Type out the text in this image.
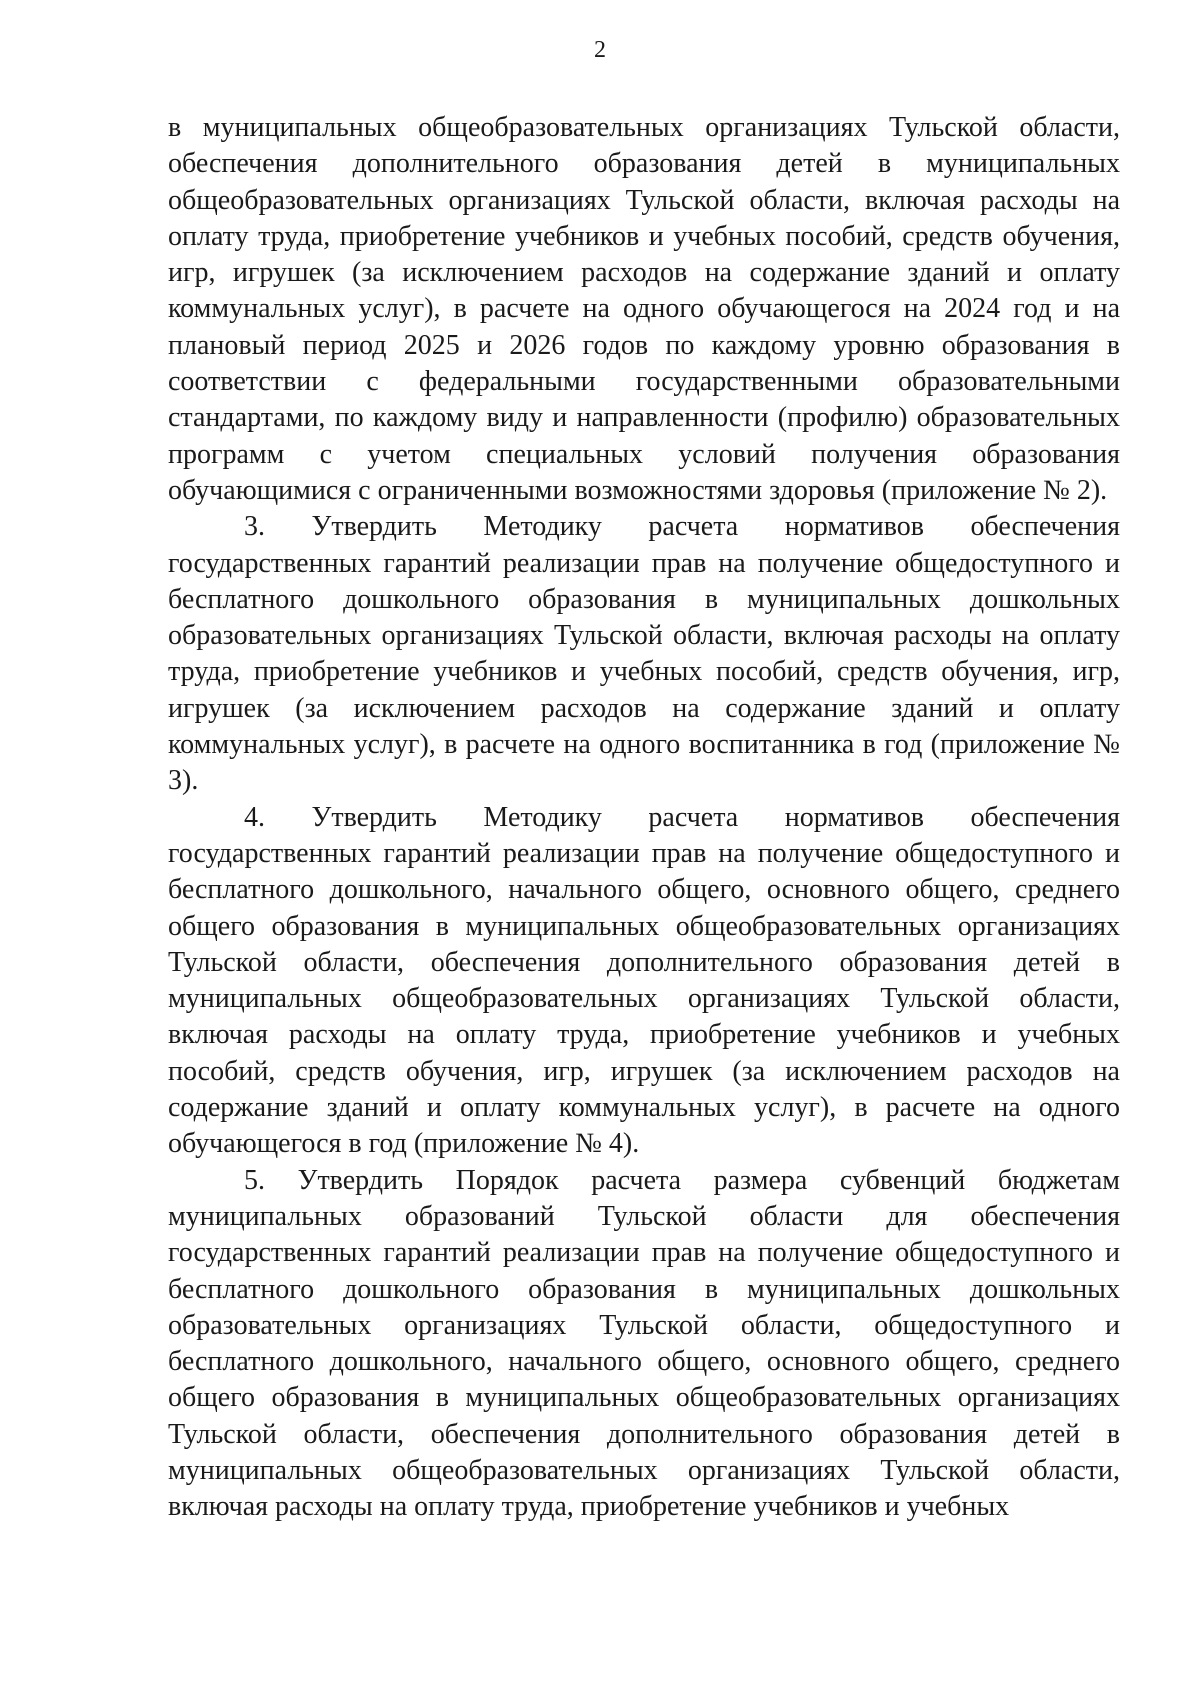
2

в муниципальных общеобразовательных организациях Тульской области, обеспечения дополнительного образования детей в муниципальных общеобразовательных организациях Тульской области, включая расходы на оплату труда, приобретение учебников и учебных пособий, средств обучения, игр, игрушек (за исключением расходов на содержание зданий и оплату коммунальных услуг), в расчете на одного обучающегося на 2024 год и на плановый период 2025 и 2026 годов по каждому уровню образования в соответствии с федеральными государственными образовательными стандартами, по каждому виду и направленности (профилю) образовательных программ с учетом специальных условий получения образования обучающимися с ограниченными возможностями здоровья (приложение № 2).

3. Утвердить Методику расчета нормативов обеспечения государственных гарантий реализации прав на получение общедоступного и бесплатного дошкольного образования в муниципальных дошкольных образовательных организациях Тульской области, включая расходы на оплату труда, приобретение учебников и учебных пособий, средств обучения, игр, игрушек (за исключением расходов на содержание зданий и оплату коммунальных услуг), в расчете на одного воспитанника в год (приложение № 3).

4. Утвердить Методику расчета нормативов обеспечения государственных гарантий реализации прав на получение общедоступного и бесплатного дошкольного, начального общего, основного общего, среднего общего образования в муниципальных общеобразовательных организациях Тульской области, обеспечения дополнительного образования детей в муниципальных общеобразовательных организациях Тульской области, включая расходы на оплату труда, приобретение учебников и учебных пособий, средств обучения, игр, игрушек (за исключением расходов на содержание зданий и оплату коммунальных услуг), в расчете на одного обучающегося в год (приложение № 4).

5. Утвердить Порядок расчета размера субвенций бюджетам муниципальных образований Тульской области для обеспечения государственных гарантий реализации прав на получение общедоступного и бесплатного дошкольного образования в муниципальных дошкольных образовательных организациях Тульской области, общедоступного и бесплатного дошкольного, начального общего, основного общего, среднего общего образования в муниципальных общеобразовательных организациях Тульской области, обеспечения дополнительного образования детей в муниципальных общеобразовательных организациях Тульской области, включая расходы на оплату труда, приобретение учебников и учебных
